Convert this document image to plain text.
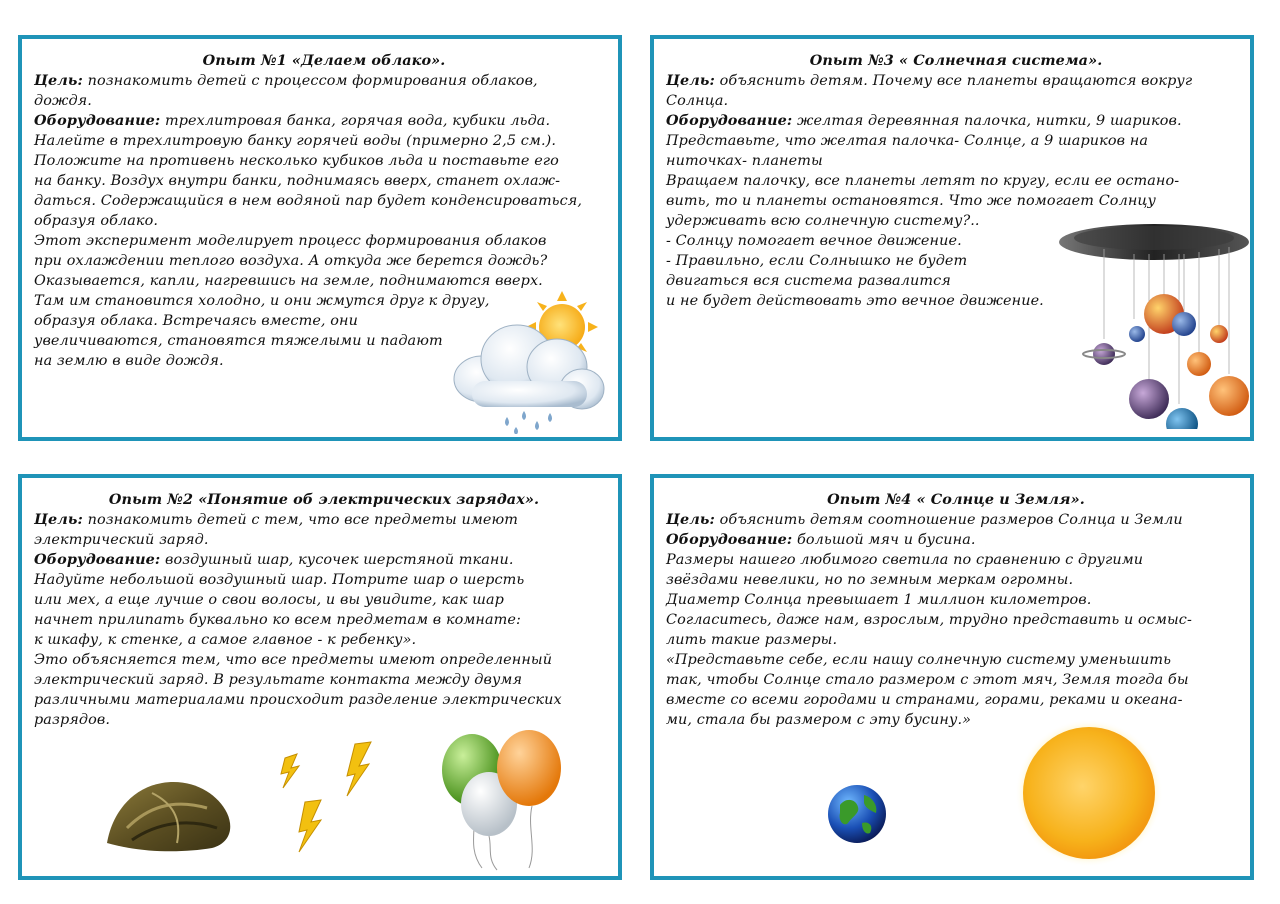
Опыт №1 «Делаем облако».
Цель: познакомить детей с процессом формирования облаков,
дождя.
Оборудование: трехлитровая банка, горячая вода, кубики льда.
Налейте в трехлитровую банку горячей воды (примерно 2,5 см.).
Положите на противень несколько кубиков льда и поставьте его
на банку. Воздух внутри банки, поднимаясь вверх, станет охлаж-
даться. Содержащийся в нем водяной пар будет конденсироваться,
образуя облако.
Этот эксперимент моделирует процесс формирования облаков
при охлаждении теплого воздуха. А откуда же берется дождь?
Оказывается, капли, нагревшись на земле, поднимаются вверх.
Там им становится холодно, и они жмутся друг к другу,
образуя облака. Встречаясь вместе, они
увеличиваются, становятся тяжелыми и падают
на землю в виде дождя.
Опыт №3 « Солнечная система».
Цель: объяснить детям. Почему все планеты вращаются вокруг
Солнца.
Оборудование: желтая деревянная палочка, нитки, 9 шариков.
Представьте, что желтая палочка- Солнце, а 9 шариков на
ниточках- планеты
Вращаем палочку, все планеты летят по кругу, если ее остано-
вить, то и планеты остановятся. Что же помогает Солнцу
удерживать всю солнечную систему?..
- Солнцу помогает вечное движение.
- Правильно, если Солнышко не будет
двигаться вся система развалится
и не будет действовать это вечное движение.
Опыт №2 «Понятие об электрических зарядах».
Цель: познакомить детей с тем, что все предметы имеют
электрический заряд.
Оборудование: воздушный шар, кусочек шерстяной ткани.
Надуйте небольшой воздушный шар. Потрите шар о шерсть
или мех, а еще лучше о свои волосы, и вы увидите, как шар
начнет прилипать буквально ко всем предметам в комнате:
к шкафу, к стенке, а самое главное - к ребенку».
Это объясняется тем, что все предметы имеют определенный
электрический заряд. В результате контакта между двумя
различными материалами происходит разделение электрических
разрядов.
Опыт №4 « Солнце и Земля».
Цель: объяснить детям соотношение размеров Солнца и Земли
Оборудование: большой мяч и бусина.
Размеры нашего любимого светила по сравнению с другими
звёздами невелики, но по земным меркам огромны.
Диаметр Солнца превышает 1 миллион километров.
Согласитесь, даже нам, взрослым, трудно представить и осмыс-
лить такие размеры.
«Представьте себе, если нашу солнечную систему уменьшить
так, чтобы Солнце стало размером с этот мяч, Земля тогда бы
вместе со всеми городами и странами, горами, реками и океана-
ми, стала бы размером с эту бусину.»
